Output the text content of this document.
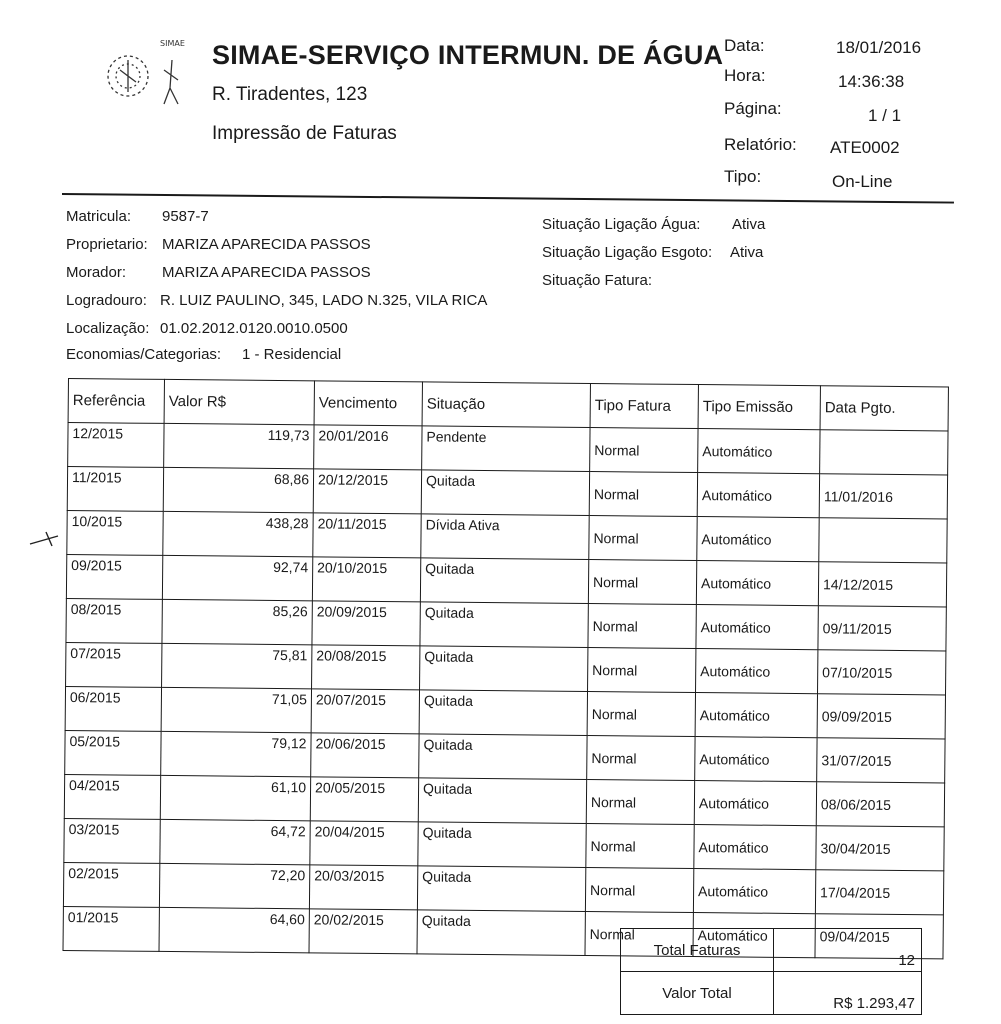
SIMAE SIMAE-SERVIÇO INTERMUN. DE ÁGUA
R. Tiradentes, 123
Impressão de Faturas
Data:	18/01/2016
Hora:	14:36:38
Página:	1 / 1
Relatório: ATE0002
Tipo:	On-Line
Matricula: 9587-7
Proprietario: MARIZA APARECIDA PASSOS
Morador: MARIZA APARECIDA PASSOS
Logradouro: R. LUIZ PAULINO, 345, LADO N.325, VILA RICA
Localização: 01.02.2012.0120.0010.0500
Economias/Categorias: 1 - Residencial
Situação Ligação Água: Ativa
Situação Ligação Esgoto: Ativa
Situação Fatura:
Referência	Valor R$	Vencimento	Situação	Tipo Fatura	Tipo Emissão	Data Pgto.
12/2015	119,73	20/01/2016	Pendente	Normal	Automático	
11/2015	68,86	20/12/2015	Quitada	Normal	Automático	11/01/2016
10/2015	438,28	20/11/2015	Dívida Ativa	Normal	Automático	
09/2015	92,74	20/10/2015	Quitada	Normal	Automático	14/12/2015
08/2015	85,26	20/09/2015	Quitada	Normal	Automático	09/11/2015
07/2015	75,81	20/08/2015	Quitada	Normal	Automático	07/10/2015
06/2015	71,05	20/07/2015	Quitada	Normal	Automático	09/09/2015
05/2015	79,12	20/06/2015	Quitada	Normal	Automático	31/07/2015
04/2015	61,10	20/05/2015	Quitada	Normal	Automático	08/06/2015
03/2015	64,72	20/04/2015	Quitada	Normal	Automático	30/04/2015
02/2015	72,20	20/03/2015	Quitada	Normal	Automático	17/04/2015
01/2015	64,60	20/02/2015	Quitada	Normal	Automático	09/04/2015
Total Faturas	12
Valor Total	R$ 1.293,47
